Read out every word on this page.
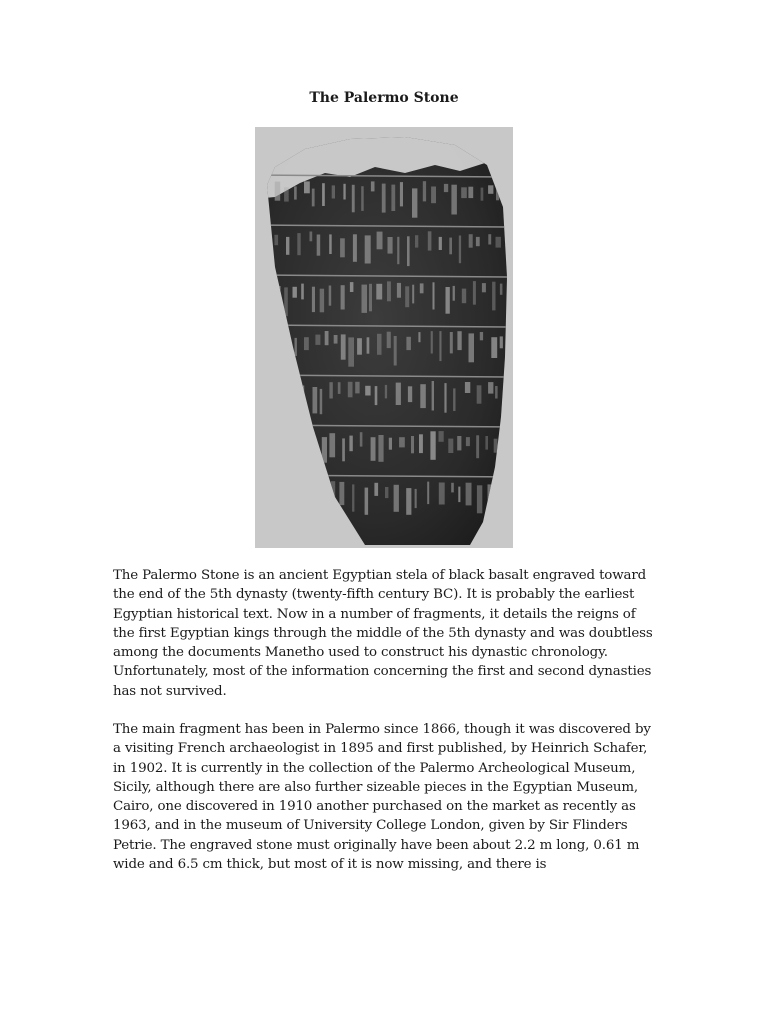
The Palermo Stone

The Palermo Stone is an ancient Egyptian stela of black basalt engraved toward the end of the 5th dynasty (twenty-fifth century BC). It is probably the earliest Egyptian historical text. Now in a number of fragments, it details the reigns of the first Egyptian kings through the middle of the 5th dynasty and was doubtless among the documents Manetho used to construct his dynastic chronology. Unfortunately, most of the information concerning the first and second dynasties has not survived.

The main fragment has been in Palermo since 1866, though it was discovered by a visiting French archaeologist in 1895 and first published, by Heinrich Schafer, in 1902. It is currently in the collection of the Palermo Archeological Museum, Sicily, although there are also further sizeable pieces in the Egyptian Museum, Cairo, one discovered in 1910 another purchased on the market as recently as 1963, and in the museum of University College London, given by Sir Flinders Petrie. The engraved stone must originally have been about 2.2 m long, 0.61 m wide and 6.5 cm thick, but most of it is now missing, and there is
